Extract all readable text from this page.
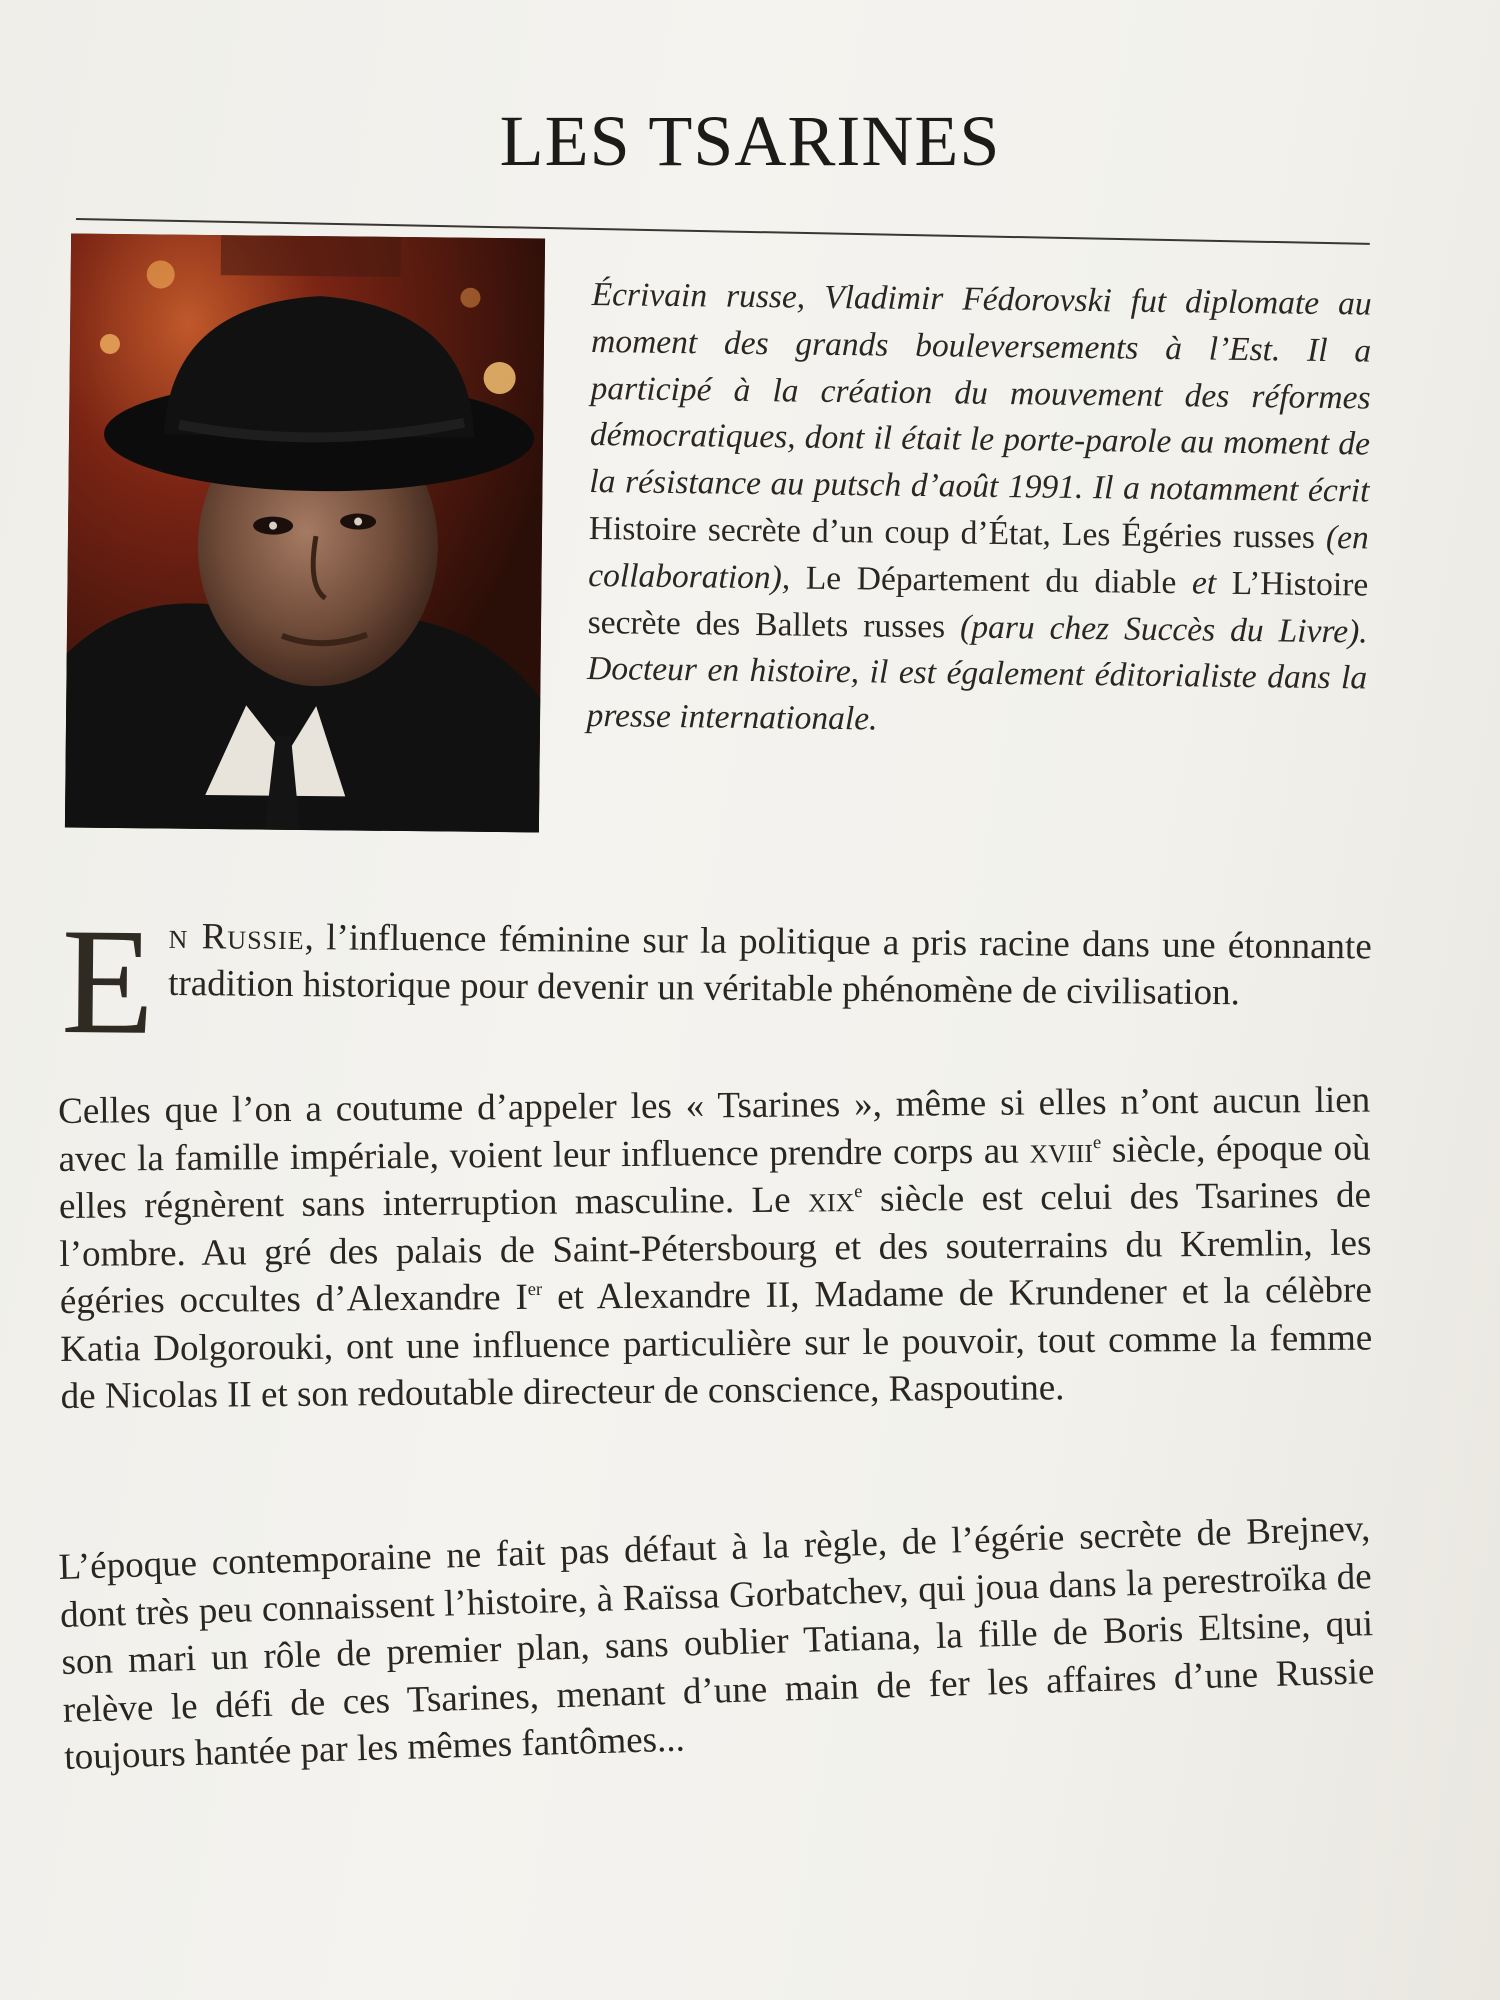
LES TSARINES
Écrivain russe, Vladimir Fédorovski fut diplomate au moment des grands bouleversements à l’Est. Il a participé à la création du mouvement des réformes démocratiques, dont il était le porte-parole au moment de la résistance au putsch d’août 1991. Il a notamment écrit Histoire secrète d’un coup d’État, Les Égéries russes (en collaboration), Le Département du diable et L’Histoire secrète des Ballets russes (paru chez Succès du Livre). Docteur en histoire, il est également éditorialiste dans la presse internationale.
En Russie, l’influence féminine sur la politique a pris racine dans une étonnante tradition historique pour devenir un véritable phénomène de civilisation.

Celles que l’on a coutume d’appeler les « Tsarines », même si elles n’ont aucun lien avec la famille impériale, voient leur influence prendre corps au xviii$^e$ siècle, époque où elles régnèrent sans interruption masculine. Le xix$^e$ siècle est celui des Tsarines de l’ombre. Au gré des palais de Saint-Pétersbourg et des souterrains du Kremlin, les égéries occultes d’Alexandre Ier et Alexandre II, Madame de Krundener et la célèbre Katia Dolgorouki, ont une influence particulière sur le pouvoir, tout comme la femme de Nicolas II et son redoutable directeur de conscience, Raspoutine.

L’époque contemporaine ne fait pas défaut à la règle, de l’égérie secrète de Brejnev, dont très peu connaissent l’histoire, à Raïssa Gorbatchev, qui joua dans la perestroïka de son mari un rôle de premier plan, sans oublier Tatiana, la fille de Boris Eltsine, qui relève le défi de ces Tsarines, menant d’une main de fer les affaires d’une Russie toujours hantée par les mêmes fantômes...
